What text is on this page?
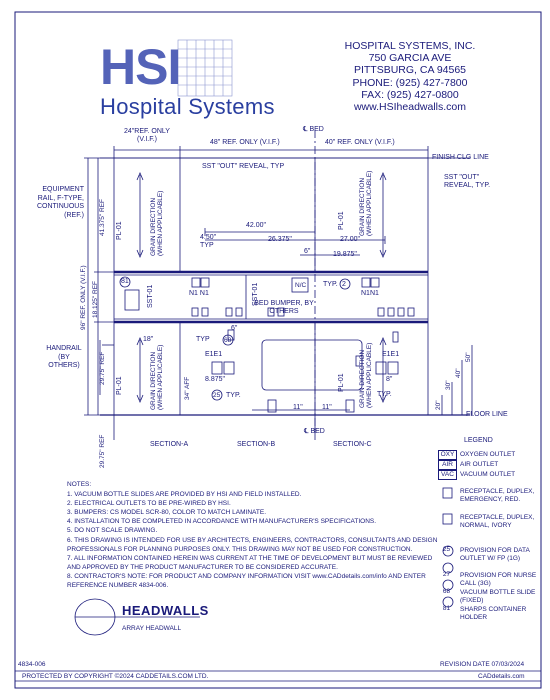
HSI
Hospital Systems
HOSPITAL SYSTEMS, INC.
750 GARCIA AVE
PITTSBURG, CA 94565
PHONE: (925) 427-7800
FAX: (925) 427-0800
www.HSIheadwalls.com
24"REF. ONLY (V.I.F.)	48" REF. ONLY (V.I.F.)
℄ BED
40" REF. ONLY (V.I.F.)
FINISH CLG LINE
SST "OUT" REVEAL, TYP
SST "OUT" REVEAL, TYP.
EQUIPMENT RAIL, F-TYPE, CONTINUOUS (REF.) 41.375" REF
96" REF. ONLY (V.I.F.) 18.125" REF
29.75" REF
29.75" REF
HANDRAIL (BY OTHERS)
PL-01	GRAIN DIRECTION (WHEN APPLICABLE)	PL-01 GRAIN DIRECTION (WHEN APPLICABLE)
42.00"
4.50" TYP
26.375"	27.00"
6"	19.875"
81
SST-01	N1 N1	SST-01	N/C TYP. 2
N1N1
BED BUMPER, BY OTHERS
18"
PL-01	GRAIN DIRECTION (WHEN APPLICABLE)	34" AFF
6"
TYP 68
E1E1
8.875"
25 TYP.
PL-01 GRAIN DIRECTION (WHEN APPLICABLE) E1E1
8"
TYP.
11"	11"	20"
30"
40"
50"
FLOOR LINE
℄ BED
SECTION-A	SECTION-B	SECTION-C
LEGEND
OXY OXYGEN OUTLET
AIR	AIR OUTLET
VAC VACUUM OUTLET
RECEPTACLE, DUPLEX, EMERGENCY, RED.
RECEPTACLE, DUPLEX, NORMAL, IVORY
25	PROVISION FOR DATA OUTLET W/ FP (1G)
27	PROVISION FOR NURSE CALL (3G)
68	VACUUM BOTTLE SLIDE (FIXED)
81	SHARPS CONTAINER HOLDER
NOTES:
1. VACUUM BOTTLE SLIDES ARE PROVIDED BY HSI AND FIELD INSTALLED.
2. ELECTRICAL OUTLETS TO BE PRE-WIRED BY HSI.
3. BUMPERS: CS MODEL SCR-80, COLOR TO MATCH LAMINATE.
4. INSTALLATION TO BE COMPLETED IN ACCORDANCE WITH MANUFACTURER'S SPECIFICATIONS.
5. DO NOT SCALE DRAWING.
6. THIS DRAWING IS INTENDED FOR USE BY ARCHITECTS, ENGINEERS, CONTRACTORS, CONSULTANTS AND DESIGN
PROFESSIONALS FOR PLANNING PURPOSES ONLY. THIS DRAWING MAY NOT BE USED FOR CONSTRUCTION.
7. ALL INFORMATION CONTAINED HEREIN WAS CURRENT AT THE TIME OF DEVELOPMENT BUT MUST BE REVIEWED
AND APPROVED BY THE PRODUCT MANUFACTURER TO BE CONSIDERED ACCURATE.
8. CONTRACTOR'S NOTE: FOR PRODUCT AND COMPANY INFORMATION VISIT www.CADdetails.com/info AND ENTER
REFERENCE NUMBER 4834-006.
HEADWALLS
ARRAY HEADWALL
4834-006	REVISION DATE 07/03/2024
PROTECTED BY COPYRIGHT ©2024 CADDETAILS.COM LTD.	CADdetails.com
